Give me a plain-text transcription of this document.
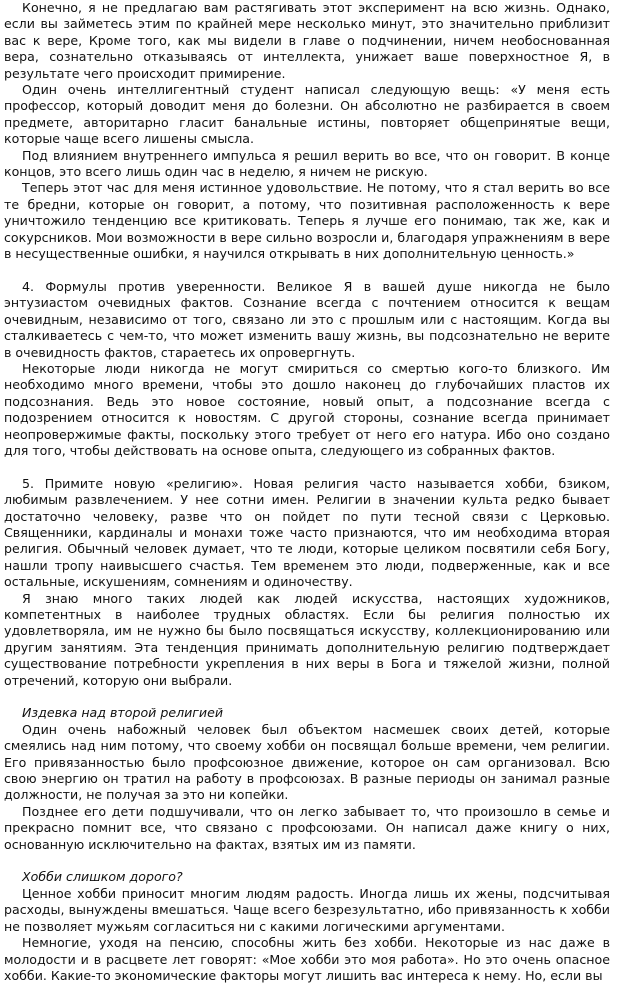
Конечно, я не предлагаю вам растягивать этот эксперимент на всю жизнь. Однако, если вы займетесь этим по крайней мере несколько минут, это значительно приблизит вас к вере, Кроме того, как мы видели в главе о подчинении, ничем необоснованная вера, сознательно отказываясь от интеллекта, унижает ваше поверхностное Я, в результате чего происходит примирение.

Один очень интеллигентный студент написал следующую вещь: «У меня есть профессор, который доводит меня до болезни. Он абсолютно не разбирается в своем предмете, авторитарно гласит банальные истины, повторяет общепринятые вещи, которые чаще всего лишены смысла.

Под влиянием внутреннего импульса я решил верить во все, что он говорит. В конце концов, это всего лишь один час в неделю, я ничем не рискую.

Теперь этот час для меня истинное удовольствие. Не потому, что я стал верить во все те бредни, которые он говорит, а потому, что позитивная расположенность к вере уничтожило тенденцию все критиковать. Теперь я лучше его понимаю, так же, как и сокурсников. Мои возможности в вере сильно возросли и, благодаря упражнениям в вере в несущественные ошибки, я научился открывать в них дополнительную ценность.»

4. Формулы против уверенности. Великое Я в вашей душе никогда не было энтузиастом очевидных фактов. Сознание всегда с почтением относится к вещам очевидным, независимо от того, связано ли это с прошлым или с настоящим. Когда вы сталкиваетесь с чем-то, что может изменить вашу жизнь, вы подсознательно не верите в очевидность фактов, стараетесь их опровергнуть.

Некоторые люди никогда не могут смириться со смертью кого-то близкого. Им необходимо много времени, чтобы это дошло наконец до глубочайших пластов их подсознания. Ведь это новое состояние, новый опыт, а подсознание всегда с подозрением относится к новостям. С другой стороны, сознание всегда принимает неопровержимые факты, поскольку этого требует от него его натура. Ибо оно создано для того, чтобы действовать на основе опыта, следующего из собранных фактов.

5. Примите новую «религию». Новая религия часто называется хобби, бзиком, любимым развлечением. У нее сотни имен. Религии в значении культа редко бывает достаточно человеку, разве что он пойдет по пути тесной связи с Церковью. Священники, кардиналы и монахи тоже часто признаются, что им необходима вторая религия. Обычный человек думает, что те люди, которые целиком посвятили себя Богу, нашли тропу наивысшего счастья. Тем временем это люди, подверженные, как и все остальные, искушениям, сомнениям и одиночеству.

Я знаю много таких людей как людей искусства, настоящих художников, компетентных в наиболее трудных областях. Если бы религия полностью их удовлетворяла, им не нужно бы было посвящаться искусству, коллекционированию или другим занятиям. Эта тенденция принимать дополнительную религию подтверждает существование потребности укрепления в них веры в Бога и тяжелой жизни, полной отречений, которую они выбрали.

Издевка над второй религией

Один очень набожный человек был объектом насмешек своих детей, которые смеялись над ним потому, что своему хобби он посвящал больше времени, чем религии. Его привязанностью было профсоюзное движение, которое он сам организовал. Всю свою энергию он тратил на работу в профсоюзах. В разные периоды он занимал разные должности, не получая за это ни копейки.

Позднее его дети подшучивали, что он легко забывает то, что произошло в семье и прекрасно помнит все, что связано с профсоюзами. Он написал даже книгу о них, основанную исключительно на фактах, взятых им из памяти.

Хобби слишком дорого?

Ценное хобби приносит многим людям радость. Иногда лишь их жены, подсчитывая расходы, вынуждены вмешаться. Чаще всего безрезультатно, ибо привязанность к хобби не позволяет мужьям согласиться ни с какими логическими аргументами.

Немногие, уходя на пенсию, способны жить без хобби. Некоторые из нас даже в молодости и в расцвете лет говорят: «Мое хобби это моя работа». Но это очень опасное хобби. Какие-то экономические факторы могут лишить вас интереса к нему. Но, если вы
